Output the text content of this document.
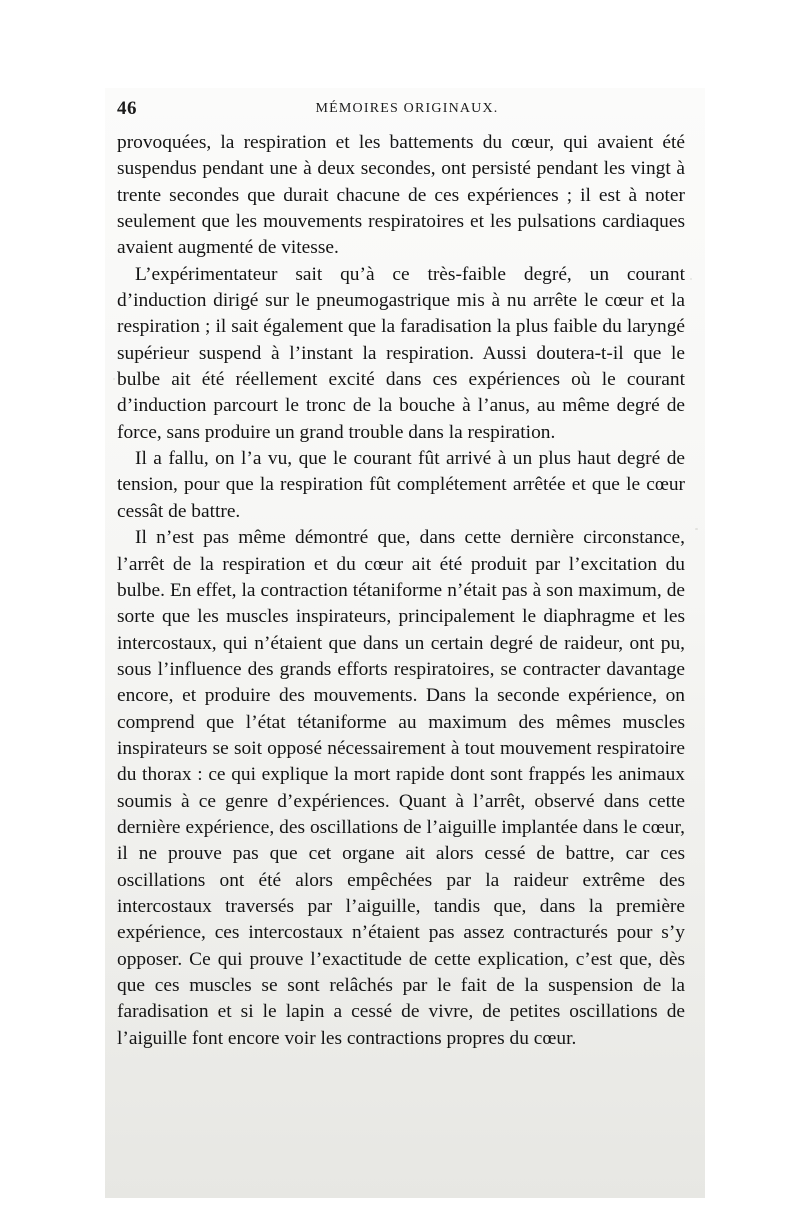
46	MÉMOIRES ORIGINAUX.

provoquées, la respiration et les battements du cœur, qui avaient été suspendus pendant une à deux secondes, ont persisté pendant les vingt à trente secondes que durait chacune de ces expériences ; il est à noter seulement que les mouvements respiratoires et les pulsations cardiaques avaient augmenté de vitesse.

L’expérimentateur sait qu’à ce très-faible degré, un courant d’induction dirigé sur le pneumogastrique mis à nu arrête le cœur et la respiration ; il sait également que la faradisation la plus faible du laryngé supérieur suspend à l’instant la respiration. Aussi doutera-t-il que le bulbe ait été réellement excité dans ces expériences où le courant d’induction parcourt le tronc de la bouche à l’anus, au même degré de force, sans produire un grand trouble dans la respiration.

Il a fallu, on l’a vu, que le courant fût arrivé à un plus haut degré de tension, pour que la respiration fût complétement arrêtée et que le cœur cessât de battre.

Il n’est pas même démontré que, dans cette dernière circonstance, l’arrêt de la respiration et du cœur ait été produit par l’excitation du bulbe. En effet, la contraction tétaniforme n’était pas à son maximum, de sorte que les muscles inspirateurs, principalement le diaphragme et les intercostaux, qui n’étaient que dans un certain degré de raideur, ont pu, sous l’influence des grands efforts respiratoires, se contracter davantage encore, et produire des mouvements. Dans la seconde expérience, on comprend que l’état tétaniforme au maximum des mêmes muscles inspirateurs se soit opposé nécessairement à tout mouvement respiratoire du thorax : ce qui explique la mort rapide dont sont frappés les animaux soumis à ce genre d’expériences. Quant à l’arrêt, observé dans cette dernière expérience, des oscillations de l’aiguille implantée dans le cœur, il ne prouve pas que cet organe ait alors cessé de battre, car ces oscillations ont été alors empêchées par la raideur extrême des intercostaux traversés par l’aiguille, tandis que, dans la première expérience, ces intercostaux n’étaient pas assez contracturés pour s’y opposer. Ce qui prouve l’exactitude de cette explication, c’est que, dès que ces muscles se sont relâchés par le fait de la suspension de la faradisation et si le lapin a cessé de vivre, de petites oscillations de l’aiguille font encore voir les contractions propres du cœur.
